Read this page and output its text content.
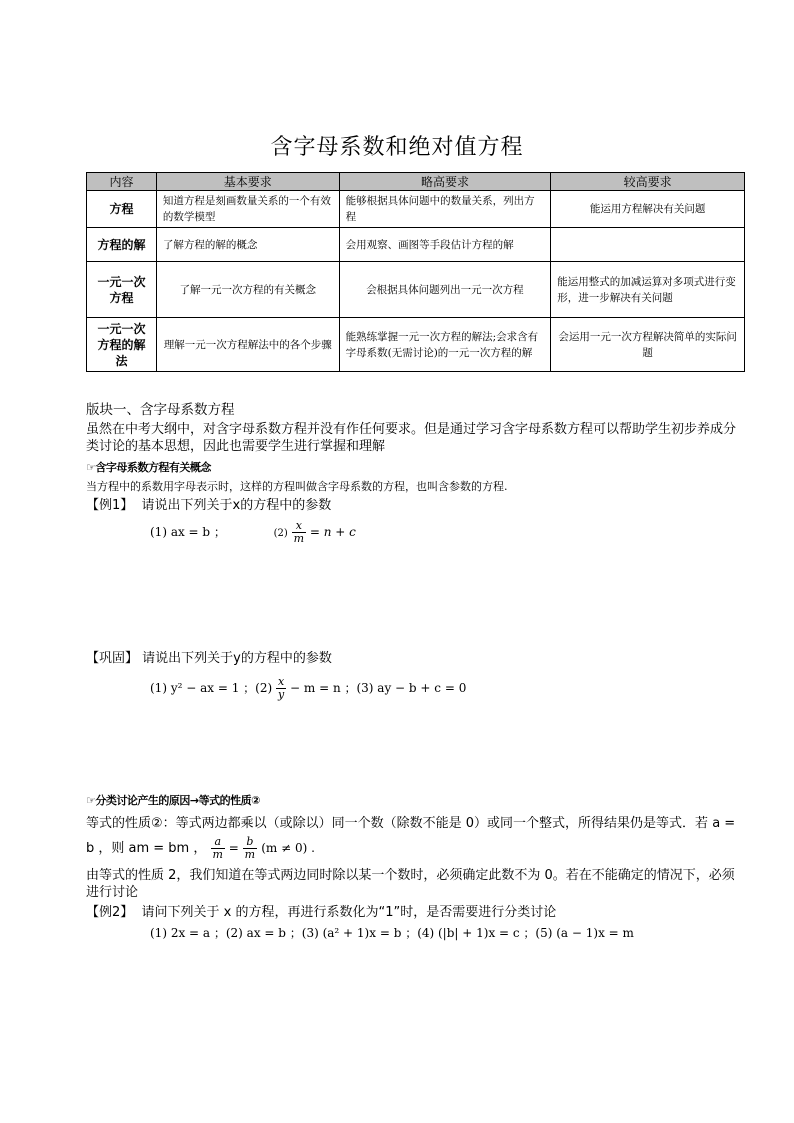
含字母系数和绝对值方程
内容	基本要求	略高要求	较高要求
方程	知道方程是刻画数量关系的一个有效的数学模型	能够根据具体问题中的数量关系，列出方程	能运用方程解决有关问题
方程的解	了解方程的解的概念	会用观察、画图等手段估计方程的解	
一元一次方程	了解一元一次方程的有关概念	会根据具体问题列出一元一次方程	能运用整式的加减运算对多项式进行变形，进一步解决有关问题
一元一次方程的解法	理解一元一次方程解法中的各个步骤	能熟练掌握一元一次方程的解法;会求含有字母系数(无需讨论)的一元一次方程的解	会运用一元一次方程解决简单的实际问题
版块一、含字母系数方程
虽然在中考大纲中，对含字母系数方程并没有作任何要求。但是通过学习含字母系数方程可以帮助学生初步养成分类讨论的基本思想，因此也需要学生进行掌握和理解
☞含字母系数方程有关概念
当方程中的系数用字母表示时，这样的方程叫做含字母系数的方程，也叫含参数的方程.
【例1】 请说出下列关于x的方程中的参数
(1) ax = b ；	$(2) \frac{x}{m} = n + c$
【巩固】 请说出下列关于y的方程中的参数
(1) y² − ax = 1 ；$(2) \frac{x}{y} - m = n$ ；(3) ay − b + c = 0
☞分类讨论产生的原因→等式的性质②
等式的性质②：等式两边都乘以（或除以）同一个数（除数不能是 0）或同一个整式，所得结果仍是等式．若 a = b ，则 am = bm ， $\frac{a}{m} = \frac{b}{m} (m \ne 0)$ .
由等式的性质 2，我们知道在等式两边同时除以某一个数时，必须确定此数不为 0。若在不能确定的情况下，必须进行讨论
【例2】 请问下列关于 x 的方程，再进行系数化为“1”时，是否需要进行分类讨论
(1) 2x = a ；(2) ax = b ；(3) (a² + 1)x = b ；(4) (|b| + 1)x = c ；(5) (a − 1)x = m
